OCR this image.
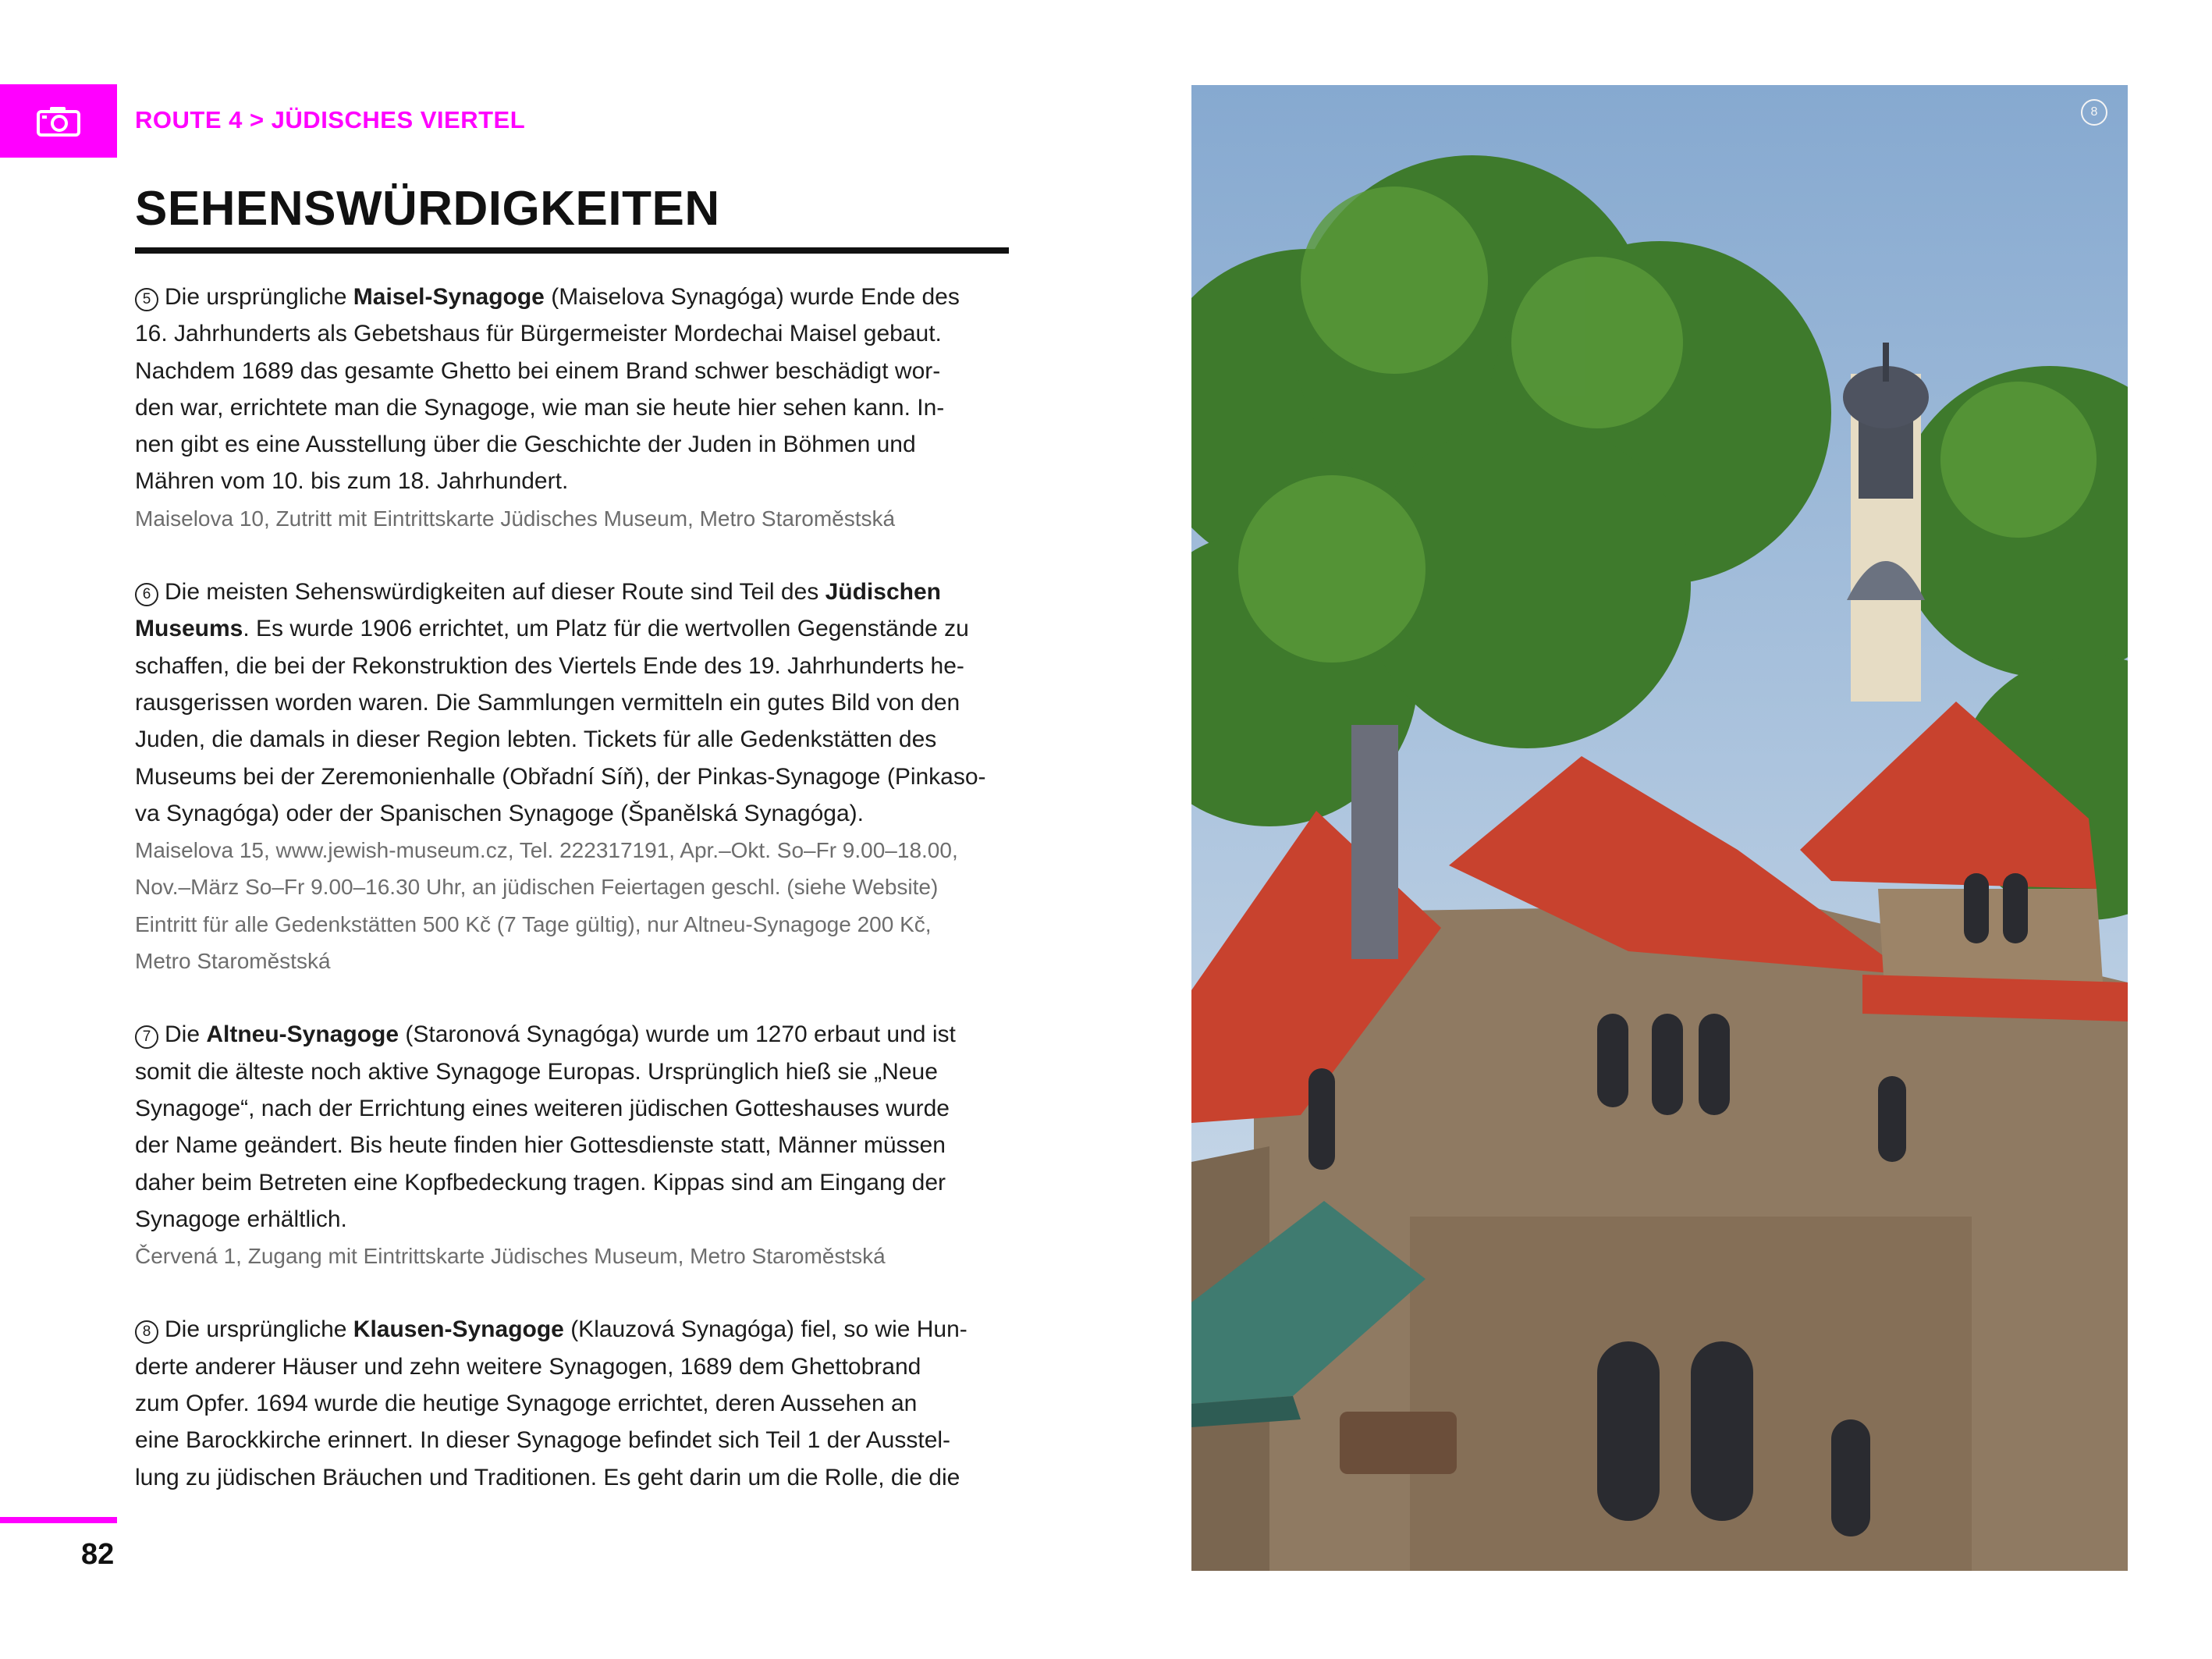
ROUTE 4 > JÜDISCHES VIERTEL
SEHENSWÜRDIGKEITEN

5 Die ursprüngliche Maisel-Synagoge (Maiselova Synagóga) wurde Ende des

16. Jahrhunderts als Gebetshaus für Bürgermeister Mordechai Maisel gebaut.

Nachdem 1689 das gesamte Ghetto bei einem Brand schwer beschädigt wor-

den war, errichtete man die Synagoge, wie man sie heute hier sehen kann. In-

nen gibt es eine Ausstellung über die Geschichte der Juden in Böhmen und

Mähren vom 10. bis zum 18. Jahrhundert.

Maiselova 10, Zutritt mit Eintrittskarte Jüdisches Museum, Metro Staroměstská

6 Die meisten Sehenswürdigkeiten auf dieser Route sind Teil des Jüdischen

Museums. Es wurde 1906 errichtet, um Platz für die wertvollen Gegenstände zu

schaffen, die bei der Rekonstruktion des Viertels Ende des 19. Jahrhunderts he-

rausgerissen worden waren. Die Sammlungen vermitteln ein gutes Bild von den

Juden, die damals in dieser Region lebten. Tickets für alle Gedenkstätten des

Museums bei der Zeremonienhalle (Obřadní Síň), der Pinkas-Synagoge (Pinkaso-

va Synagóga) oder der Spanischen Synagoge (Španělská Synagóga).

Maiselova 15, www.jewish-museum.cz, Tel. 222317191, Apr.–Okt. So–Fr 9.00–18.00,

Nov.–März So–Fr 9.00–16.30 Uhr, an jüdischen Feiertagen geschl. (siehe Website)

Eintritt für alle Gedenkstätten 500 Kč (7 Tage gültig), nur Altneu-Synagoge 200 Kč,

Metro Staroměstská

7 Die Altneu-Synagoge (Staronová Synagóga) wurde um 1270 erbaut und ist

somit die älteste noch aktive Synagoge Europas. Ursprünglich hieß sie „Neue

Synagoge“, nach der Errichtung eines weiteren jüdischen Gotteshauses wurde

der Name geändert. Bis heute finden hier Gottesdienste statt, Männer müssen

daher beim Betreten eine Kopfbedeckung tragen. Kippas sind am Eingang der

Synagoge erhältlich.

Červená 1, Zugang mit Eintrittskarte Jüdisches Museum, Metro Staroměstská

8 Die ursprüngliche Klausen-Synagoge (Klauzová Synagóga) fiel, so wie Hun-

derte anderer Häuser und zehn weitere Synagogen, 1689 dem Ghettobrand

zum Opfer. 1694 wurde die heutige Synagoge errichtet, deren Aussehen an

eine Barockkirche erinnert. In dieser Synagoge befindet sich Teil 1 der Ausstel-

lung zu jüdischen Bräuchen und Traditionen. Es geht darin um die Rolle, die die

8
82
